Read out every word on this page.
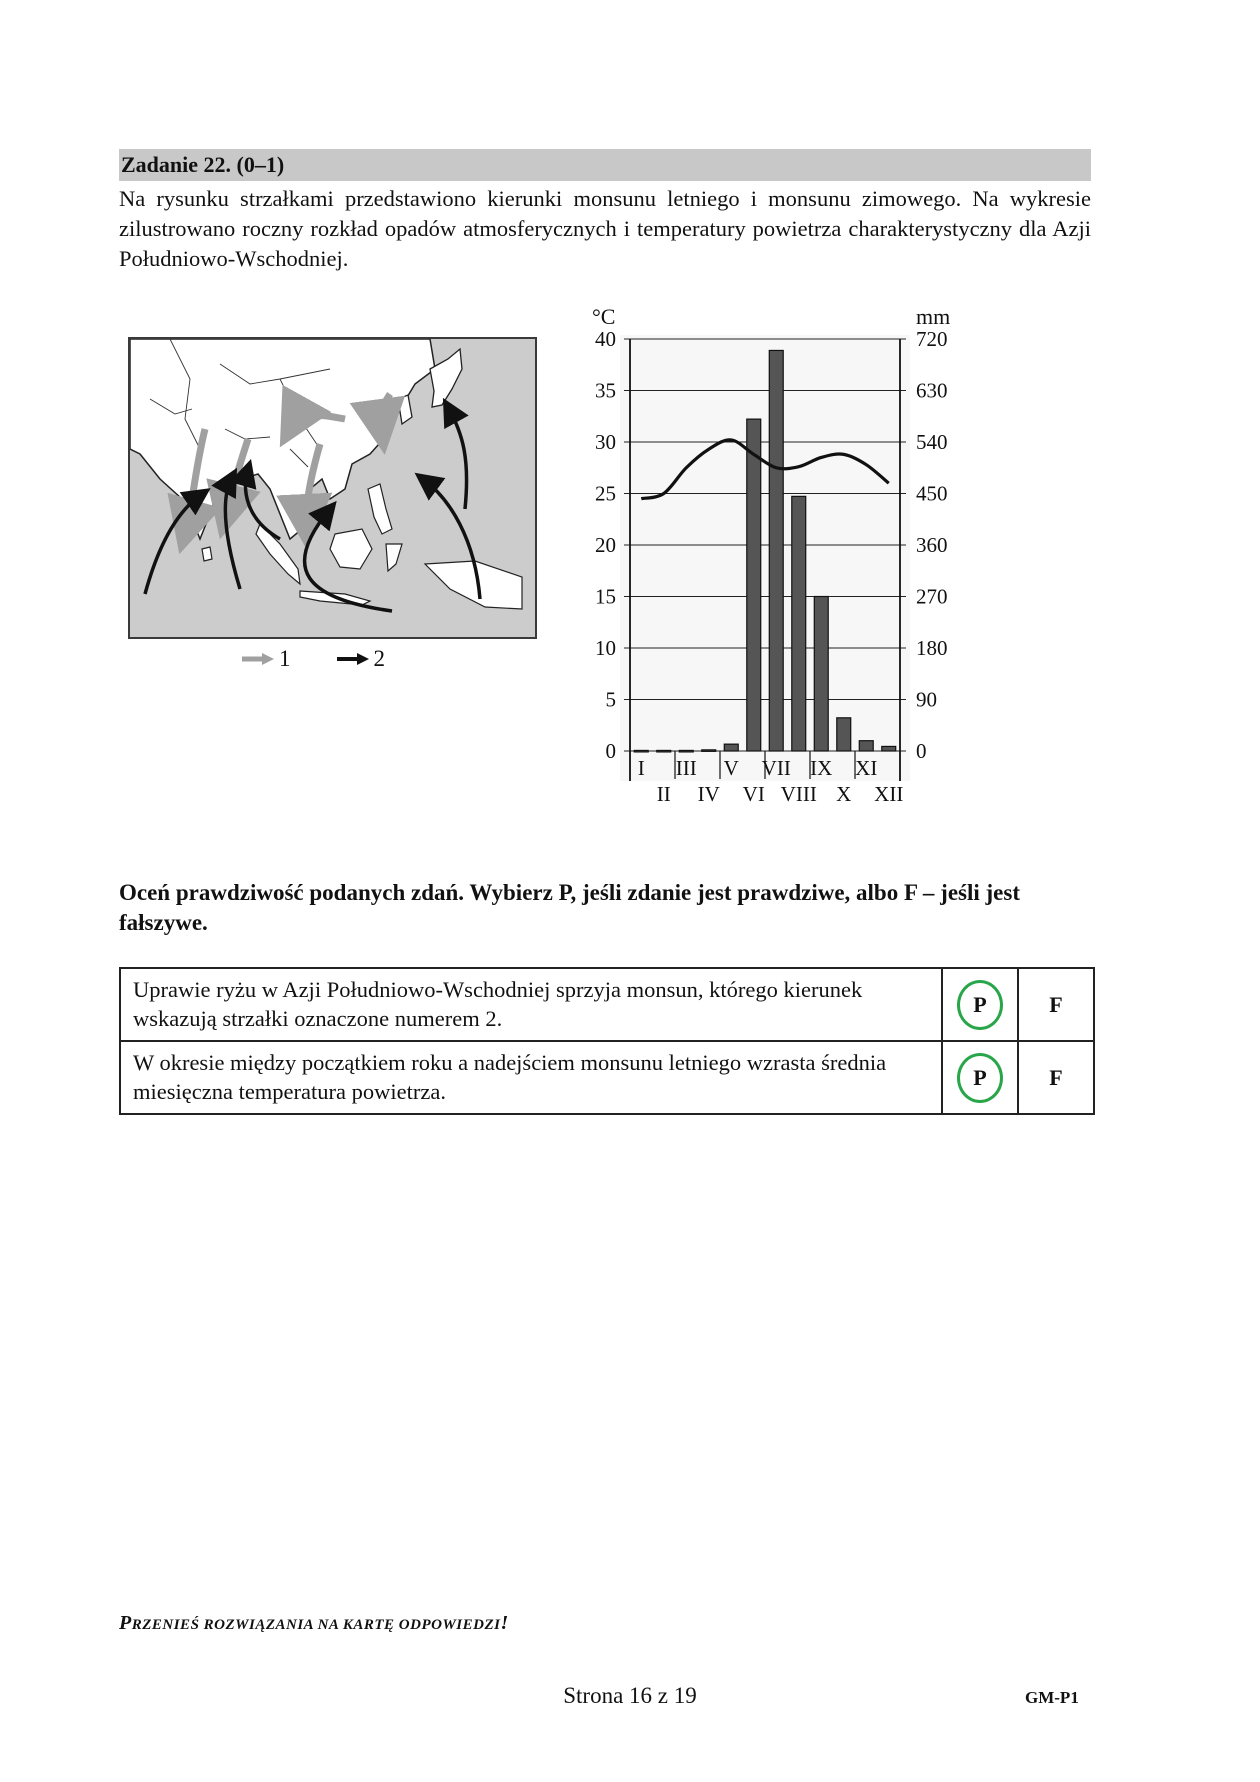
Zadanie 22. (0–1)
Na rysunku strzałkami przedstawiono kierunki monsunu letniego i monsunu zimowego. Na wykresie zilustrowano roczny rozkład opadów atmosferycznych i temperatury powietrza charakterystyczny dla Azji Południowo-Wschodniej.
1	2
40
35
30
25
20
15
10
5
0
720
630
540
450
360
270
180
90
0
°C	mm
I III V VII IX XI
II IV VI VIII X XII
Oceń prawdziwość podanych zdań. Wybierz P, jeśli zdanie jest prawdziwe, albo F – jeśli jest fałszywe.
Uprawie ryżu w Azji Południowo-Wschodniej sprzyja monsun, którego kierunek wskazują strzałki oznaczone numerem 2.	P	F
W okresie między początkiem roku a nadejściem monsunu letniego wzrasta średnia miesięczna temperatura powietrza.	P	F
PRZENIEŚ ROZWIĄZANIA NA KARTĘ ODPOWIEDZI!
Strona 16 z 19	GM-P1
